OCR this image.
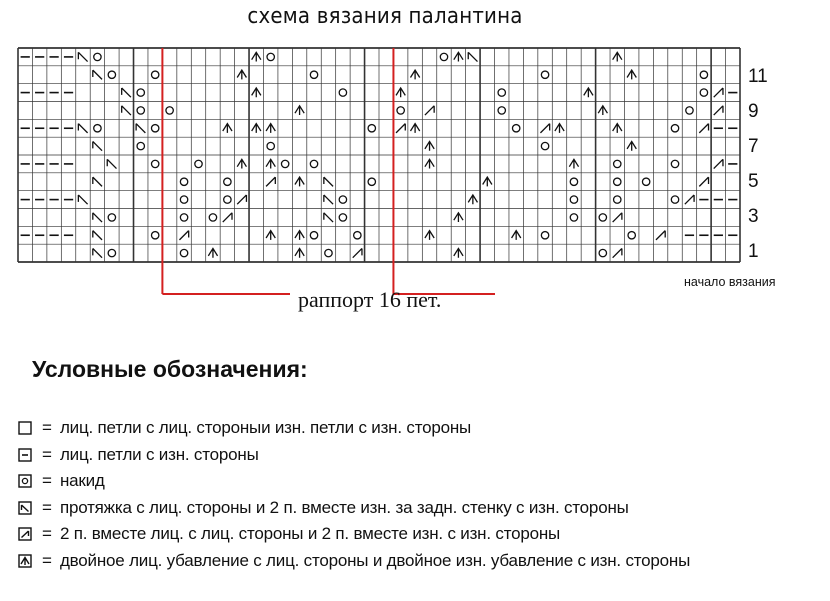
схема вязания палантина
11
9
7
5
3
1
раппорт 16 пет.
начало вязания
Условные обозначения:
= лиц. петли с лиц. стороныи изн. петли с изн. стороны
= лиц. петли с изн. стороны
= накид
= протяжка с лиц. стороны и 2 п. вместе изн. за задн. стенку с изн. стороны
= 2 п. вместе лиц. с лиц. стороны и 2 п. вместе изн. с изн. стороны
= двойное лиц. убавление с лиц. стороны и двойное изн. убавление с изн. стороны
